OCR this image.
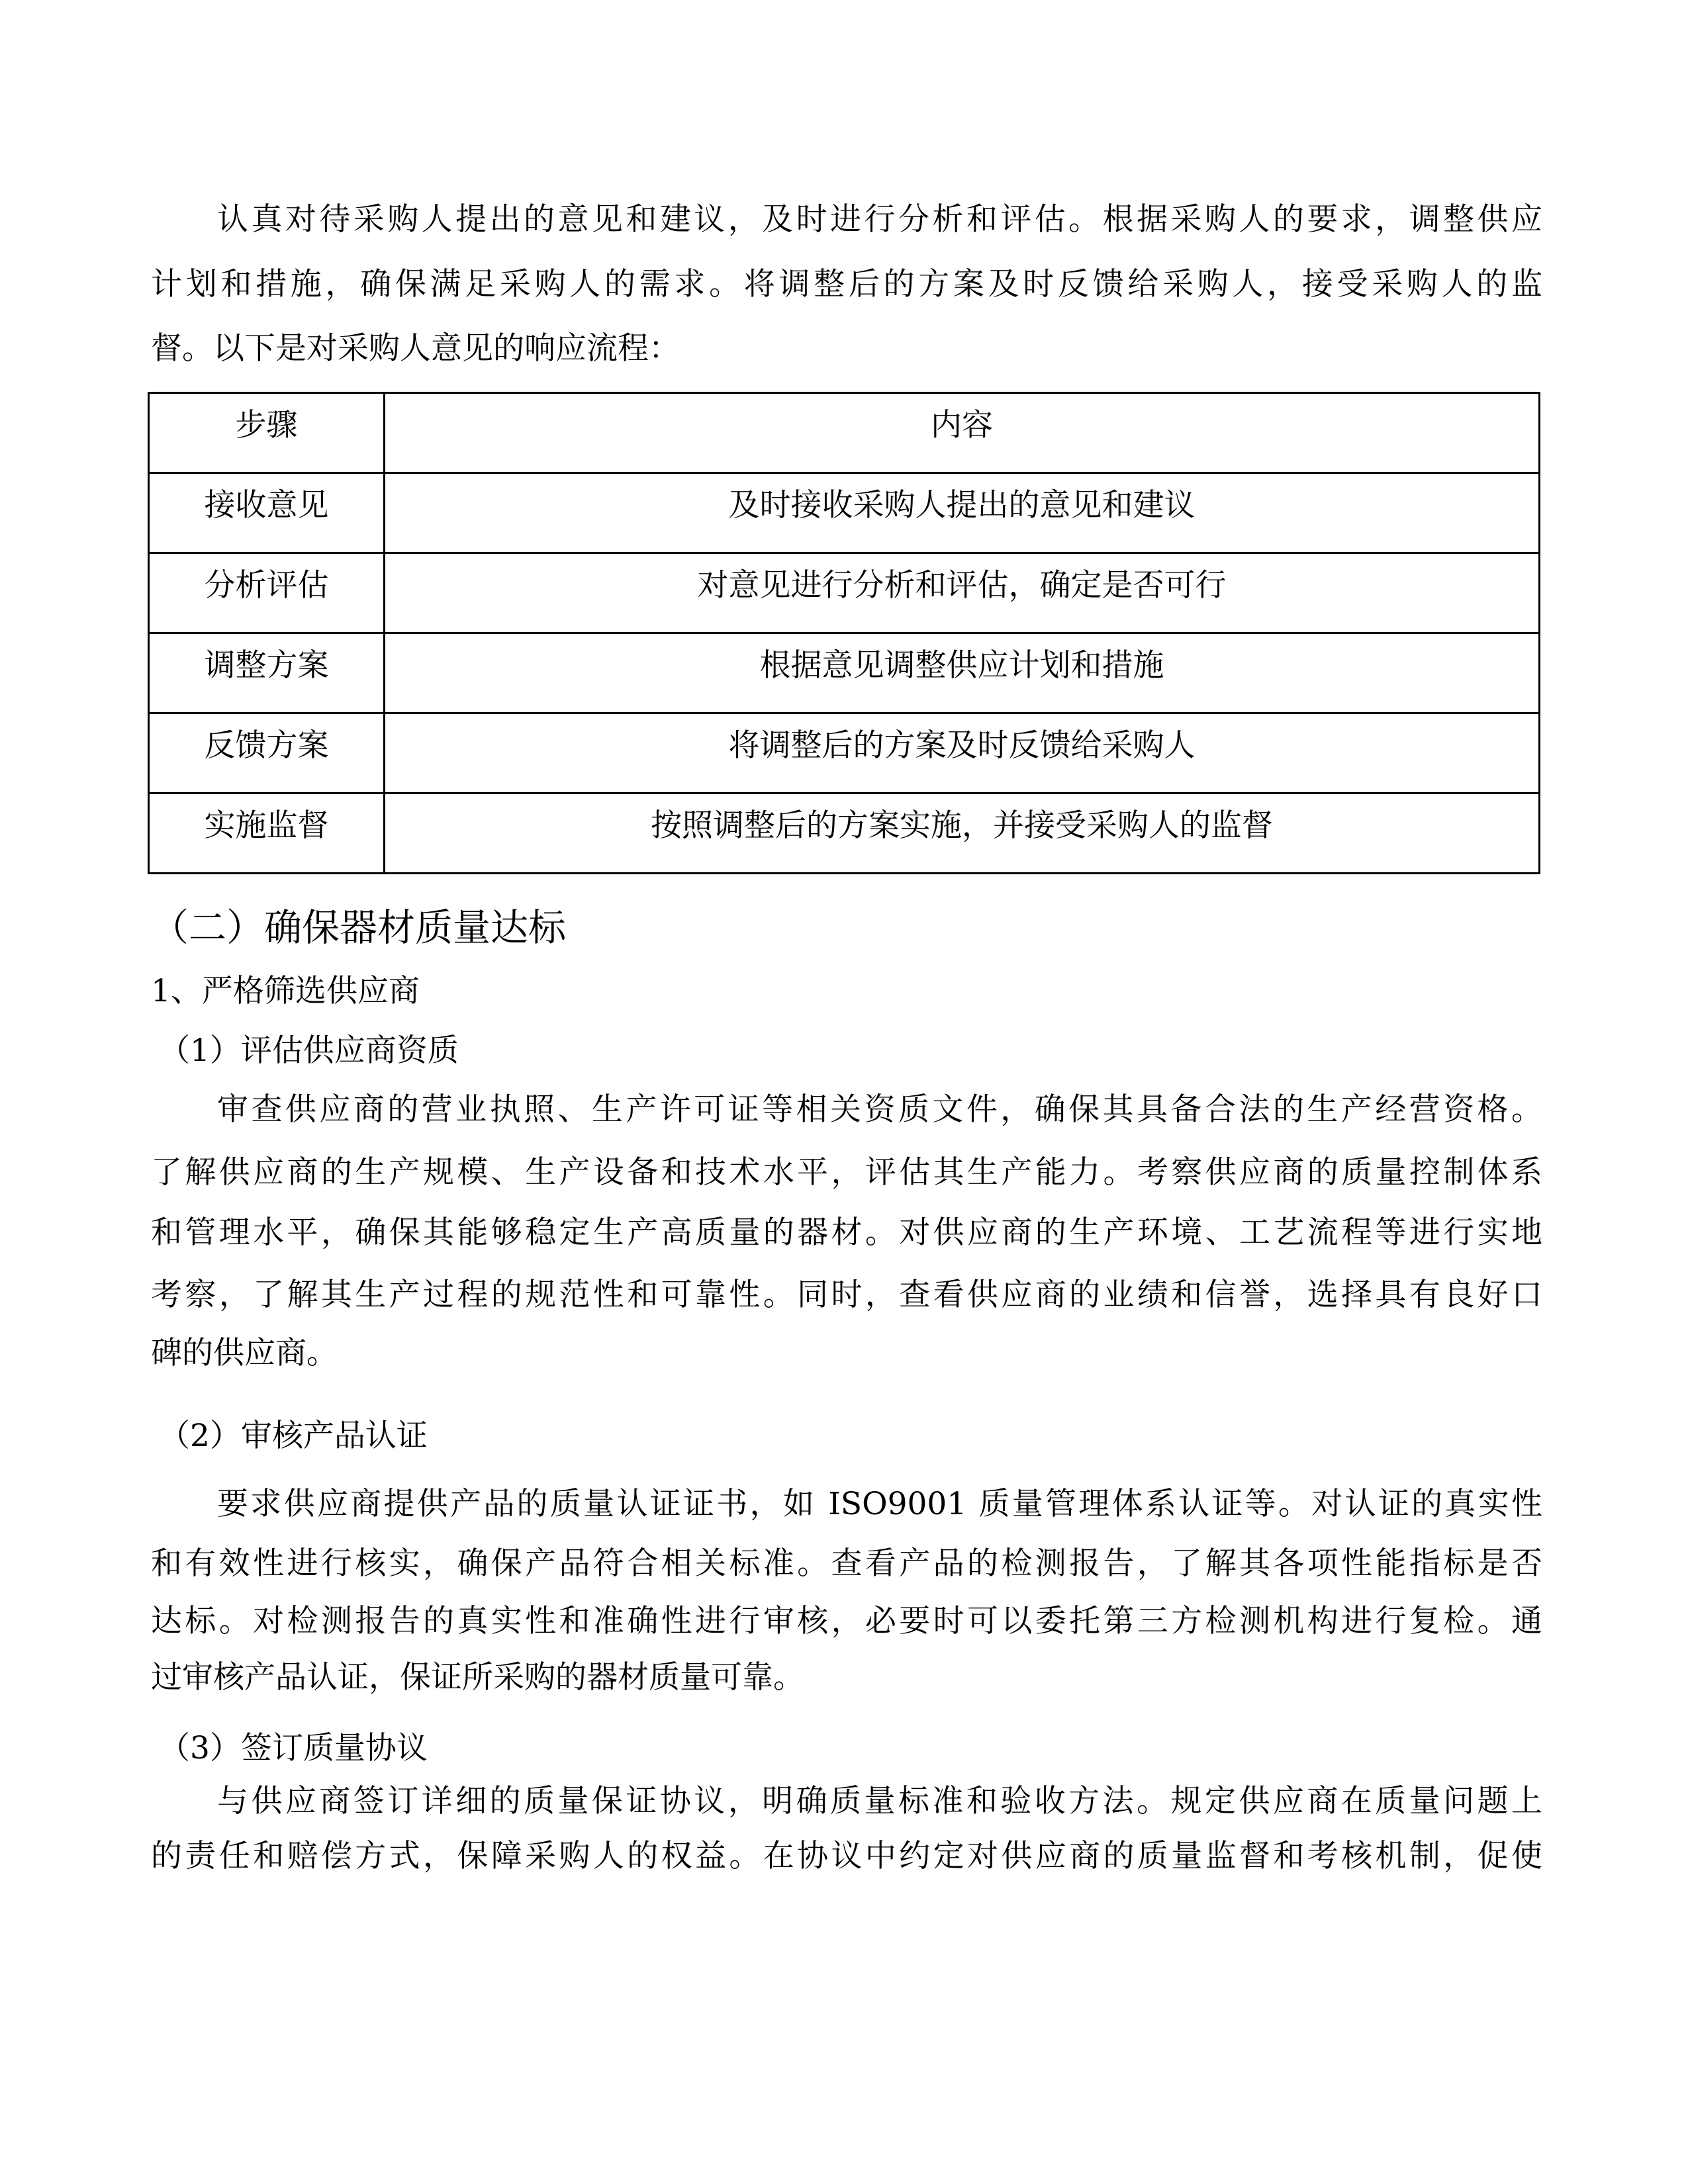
认真对待采购人提出的意见和建议，及时进行分析和评估。根据采购人的要求，调整供应
计划和措施，确保满足采购人的需求。将调整后的方案及时反馈给采购人，接受采购人的监
督。以下是对采购人意见的响应流程：
步骤	内容

接收意见	及时接收采购人提出的意见和建议

分析评估	对意见进行分析和评估，确定是否可行

调整方案	根据意见调整供应计划和措施

反馈方案	将调整后的方案及时反馈给采购人

实施监督	按照调整后的方案实施，并接受采购人的监督
（二）确保器材质量达标
1、严格筛选供应商
（1）评估供应商资质
审查供应商的营业执照、生产许可证等相关资质文件，确保其具备合法的生产经营资格。
了解供应商的生产规模、生产设备和技术水平，评估其生产能力。考察供应商的质量控制体系
和管理水平，确保其能够稳定生产高质量的器材。对供应商的生产环境、工艺流程等进行实地
考察，了解其生产过程的规范性和可靠性。同时，查看供应商的业绩和信誉，选择具有良好口
碑的供应商。
（2）审核产品认证
要求供应商提供产品的质量认证证书，如 ISO9001 质量管理体系认证等。对认证的真实性
和有效性进行核实，确保产品符合相关标准。查看产品的检测报告，了解其各项性能指标是否
达标。对检测报告的真实性和准确性进行审核，必要时可以委托第三方检测机构进行复检。通
过审核产品认证，保证所采购的器材质量可靠。
（3）签订质量协议
与供应商签订详细的质量保证协议，明确质量标准和验收方法。规定供应商在质量问题上
的责任和赔偿方式，保障采购人的权益。在协议中约定对供应商的质量监督和考核机制，促使
